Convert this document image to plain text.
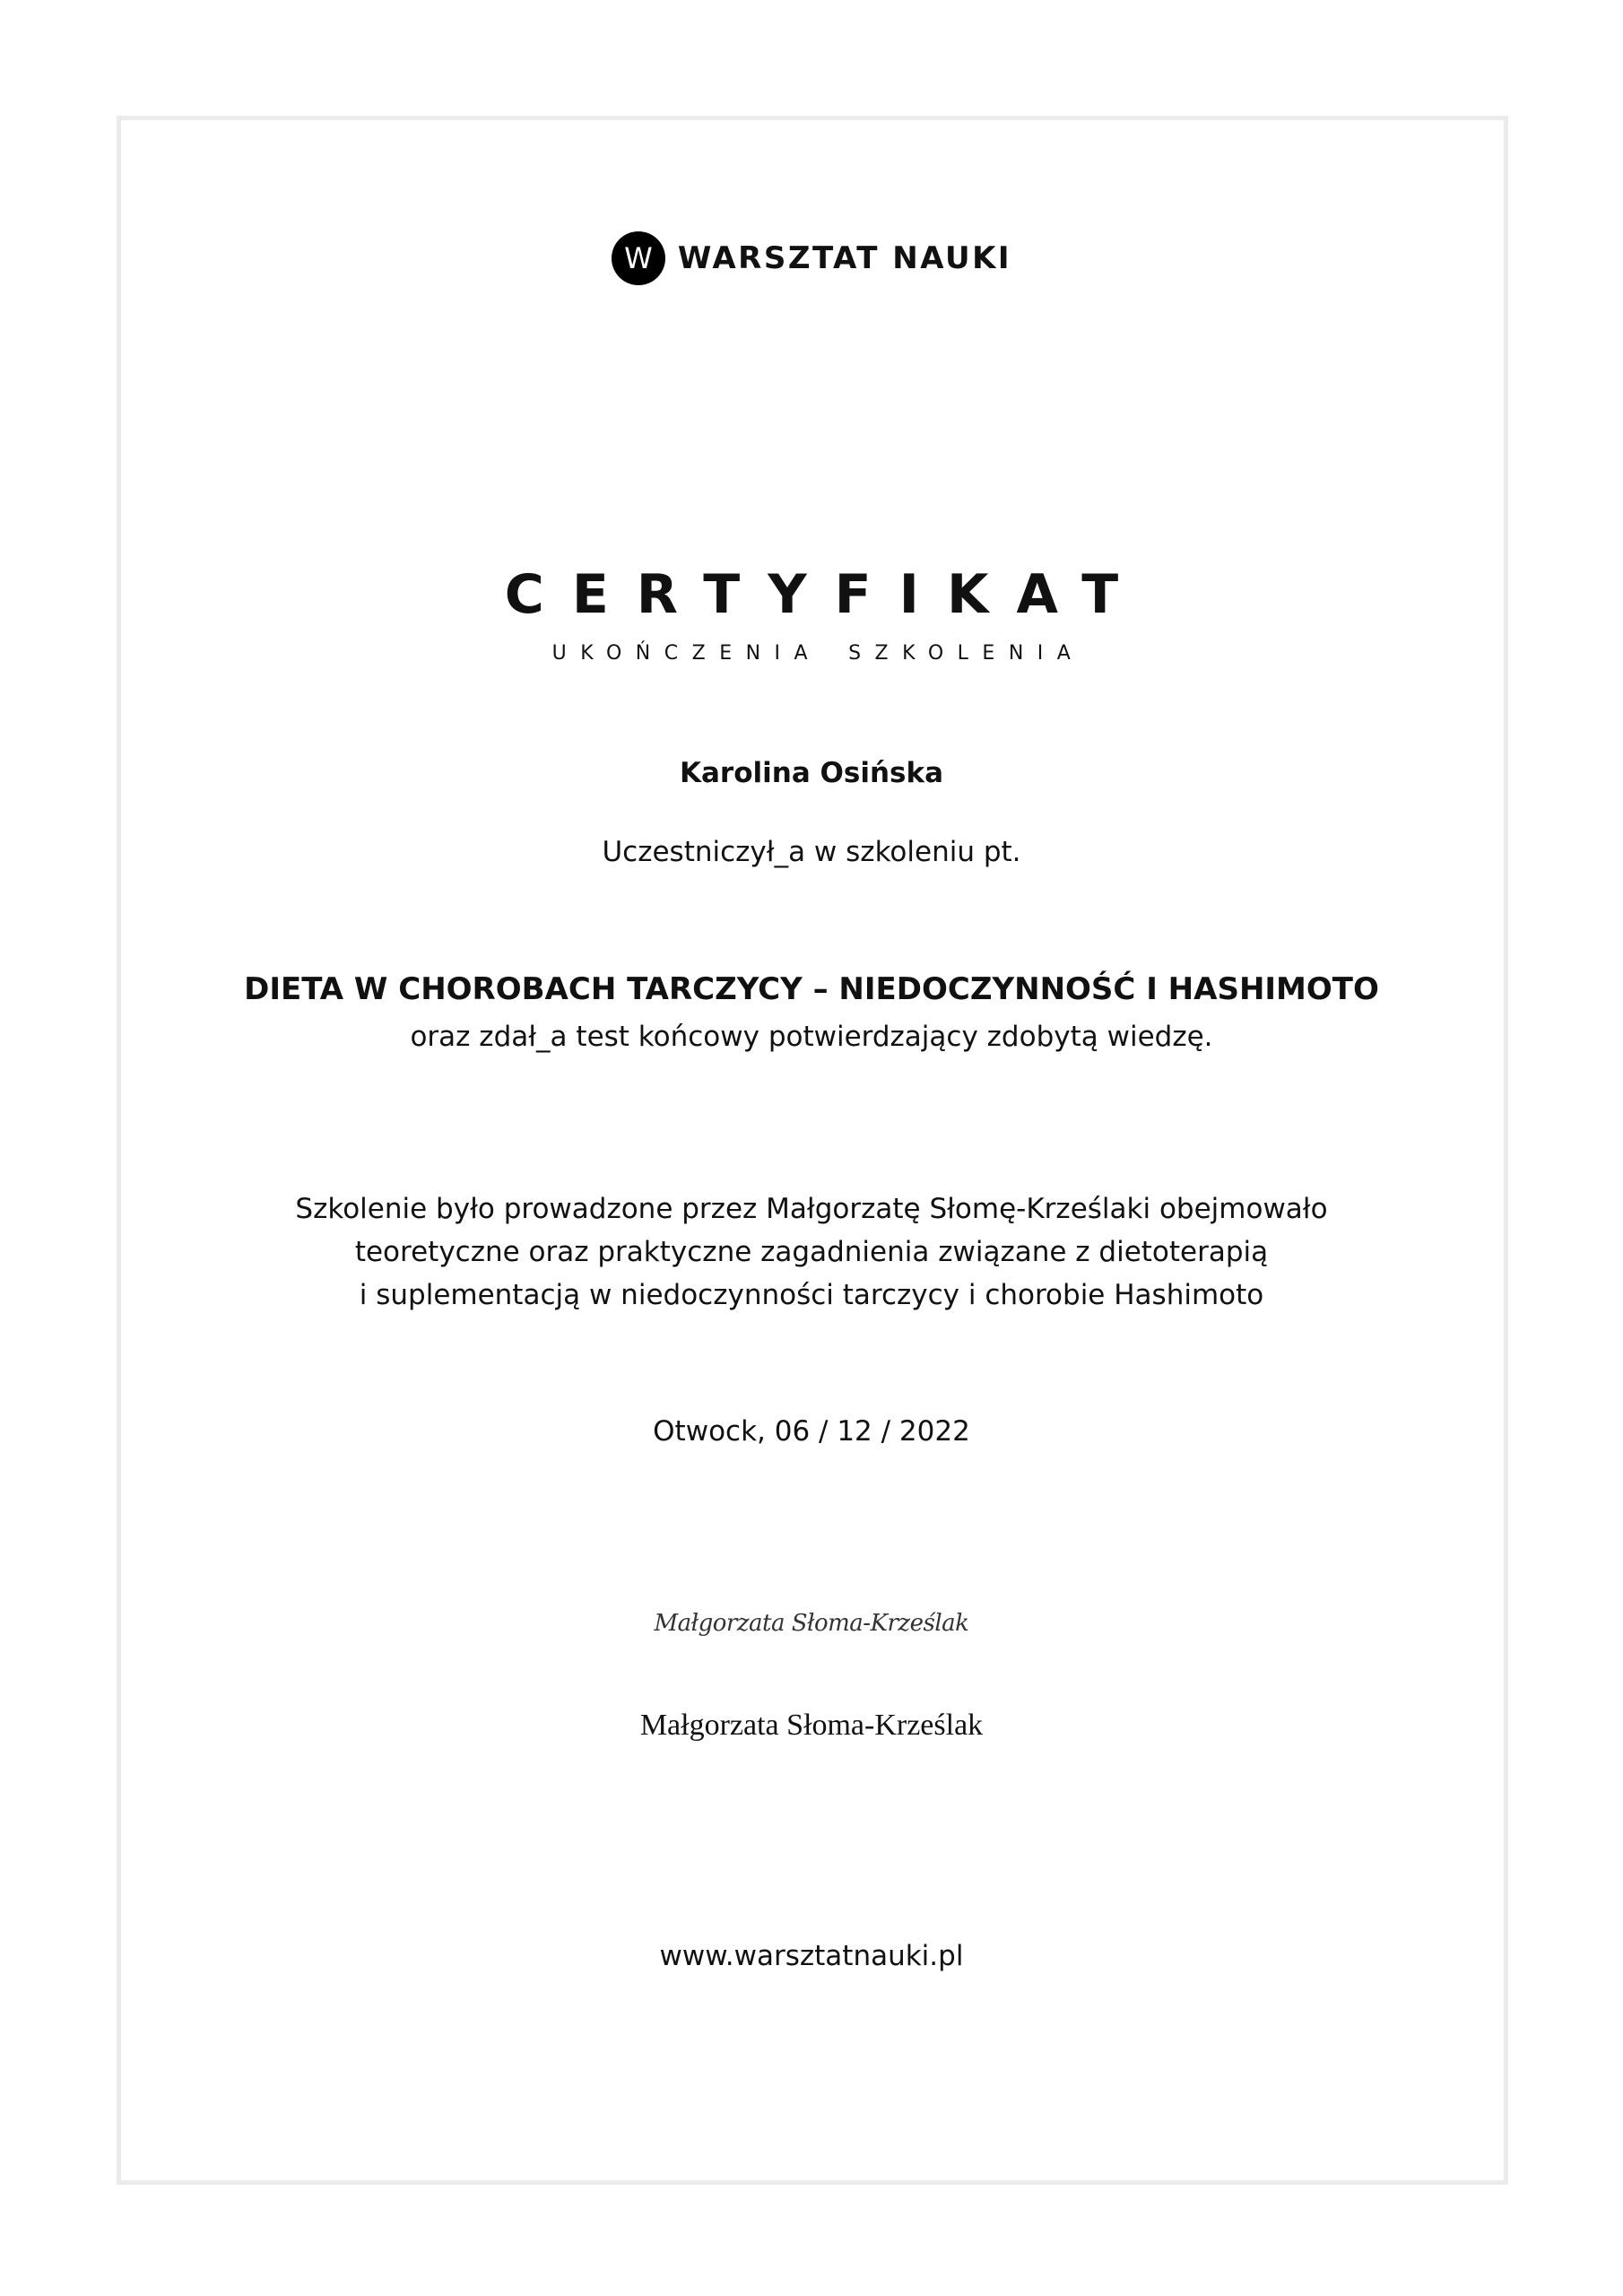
W WARSZTAT NAUKI
CERTYFIKAT
UKOŃCZENIA SZKOLENIA
Karolina Osińska
Uczestniczył_a w szkoleniu pt.
DIETA W CHOROBACH TARCZYCY – NIEDOCZYNNOŚĆ I HASHIMOTO
oraz zdał_a test końcowy potwierdzający zdobytą wiedzę.
Szkolenie było prowadzone przez Małgorzatę Słomę-Krześlaki obejmowało
teoretyczne oraz praktyczne zagadnienia związane z dietoterapią
i suplementacją w niedoczynności tarczycy i chorobie Hashimoto
Otwock, 06 / 12 / 2022
Małgorzata Słoma-Krześlak
Małgorzata Słoma-Krześlak
www.warsztatnauki.pl
